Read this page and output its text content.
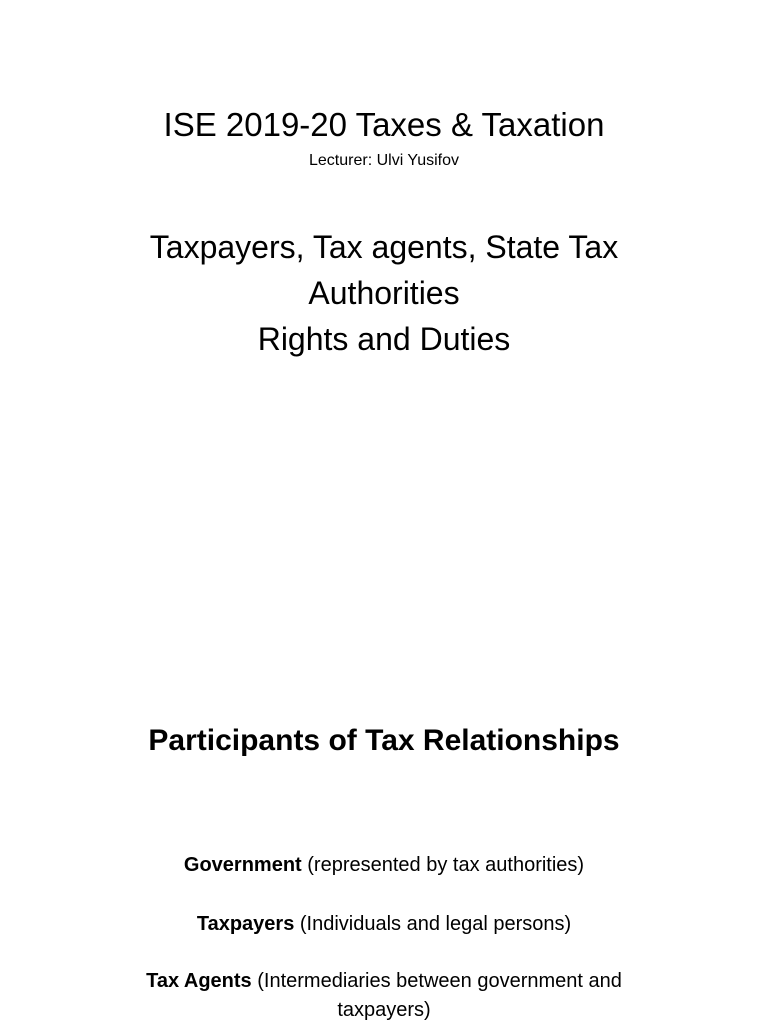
ISE 2019-20 Taxes & Taxation
Lecturer: Ulvi Yusifov
Taxpayers, Tax agents, State Tax
Authorities
Rights and Duties
Participants of Tax Relationships
Government (represented by tax authorities)
Taxpayers (Individuals and legal persons)
Tax Agents (Intermediaries between government and taxpayers)
